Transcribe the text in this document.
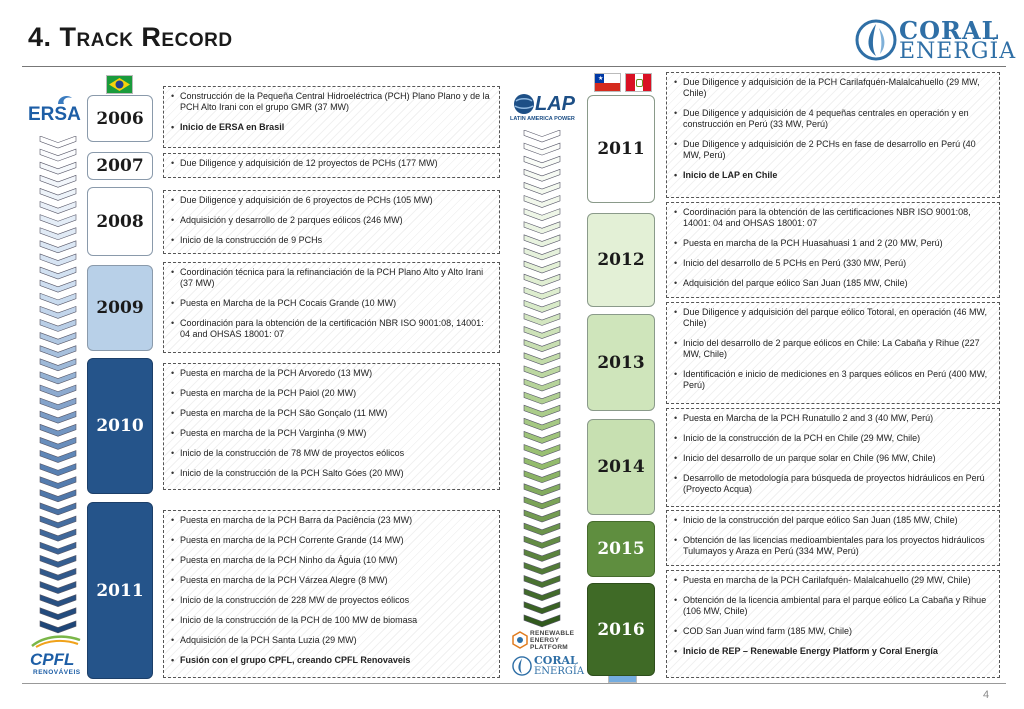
4. Track Record	CORAL
ENERGÍA
ERSA
CPFL
RENOVÁVEIS
2006
2007
2008
2009
2010
2011
• Construcción de la Pequeña Central Hidroeléctrica (PCH) Plano Plano y de la PCH Alto Irani con el grupo GMR (37 MW)
• Inicio de ERSA en Brasil
• Due Diligence y adquisición de 12 proyectos de PCHs (177 MW)
• Due Diligence y adquisición de 6 proyectos de PCHs (105 MW)
• Adquisición y desarrollo de 2 parques eólicos (246 MW)
• Inicio de la construcción de 9 PCHs
• Coordinación técnica para la refinanciación de la PCH Plano Alto y Alto Irani (37 MW)
• Puesta en Marcha de la PCH Cocais Grande (10 MW)
• Coordinación para la obtención de la certificación NBR ISO 9001:08, 14001: 04 and OHSAS 18001: 07
• Puesta en marcha de la PCH Arvoredo (13 MW)
• Puesta en marcha de la PCH Paiol (20 MW)
• Puesta en marcha de la PCH São Gonçalo (11 MW)
• Puesta en marcha de la PCH Varginha (9 MW)
• Inicio de la construcción de 78 MW de proyectos eólicos
• Inicio de la construcción de la PCH Salto Góes (20 MW)
• Puesta en marcha de la PCH Barra da Paciência (23 MW)
• Puesta en marcha de la PCH Corrente Grande (14 MW)
• Puesta en marcha de la PCH Ninho da Águia (10 MW)
• Puesta en marcha de la PCH Várzea Alegre (8 MW)
• Inicio de la construcción de 228 MW de proyectos eólicos
• Inicio de la construcción de la PCH de 100 MW de biomasa
• Adquisición de la PCH Santa Luzia (29 MW)
• Fusión con el grupo CPFL, creando CPFL Renovaveis
★
LAP
LATIN AMERICA POWER
RENEWABLE
ENERGY
PLATFORM
CORAL
ENERGÍA
2011
2012
2013
2014
2015
2016
• Due Diligence y adquisición de la PCH Carilafquén-Malalcahuello (29 MW, Chile)
• Due Diligence y adquisición de 4 pequeñas centrales en operación y en construcción en Perú (33 MW, Perú)
• Due Diligence y adquisición de 2 PCHs en fase de desarrollo en Perú (40 MW, Perú)
• Inicio de LAP en Chile
• Coordinación para la obtención de las certificaciones NBR ISO 9001:08, 14001: 04 and OHSAS 18001: 07
• Puesta en marcha de la PCH Huasahuasi 1 and 2 (20 MW, Perú)
• Inicio del desarrollo de 5 PCHs en Perú (330 MW, Perú)
• Adquisición del parque eólico San Juan (185 MW, Chile)
• Due Diligence y adquisición del parque eólico Totoral, en operación (46 MW, Chile)
• Inicio del desarrollo de 2 parque eólicos en Chile: La Cabaña y Rihue (227 MW, Chile)
• Identificación e inicio de mediciones en 3 parques eólicos en Perú (400 MW, Perú)
• Puesta en Marcha de la PCH Runatullo 2 and 3 (40 MW, Perú)
• Inicio de la construcción de la PCH en Chile (29 MW, Chile)
• Inicio del desarrollo de un parque solar en Chile (96 MW, Chile)
• Desarrollo de metodología para búsqueda de proyectos hidráulicos en Perú (Proyecto Acqua)
• Inicio de la construcción del parque eólico San Juan (185 MW, Chile)
• Obtención de las licencias medioambientales para los proyectos hidráulicos Tulumayos y Araza en Perú (334 MW, Perú)
• Puesta en marcha de la PCH Carilafquén- Malalcahuello (29 MW, Chile)
• Obtención de la licencia ambiental para el parque eólico La Cabaña y Rihue (106 MW, Chile)
• COD San Juan wind farm (185 MW, Chile)
• Inicio de REP – Renewable Energy Platform y Coral Energía
4
